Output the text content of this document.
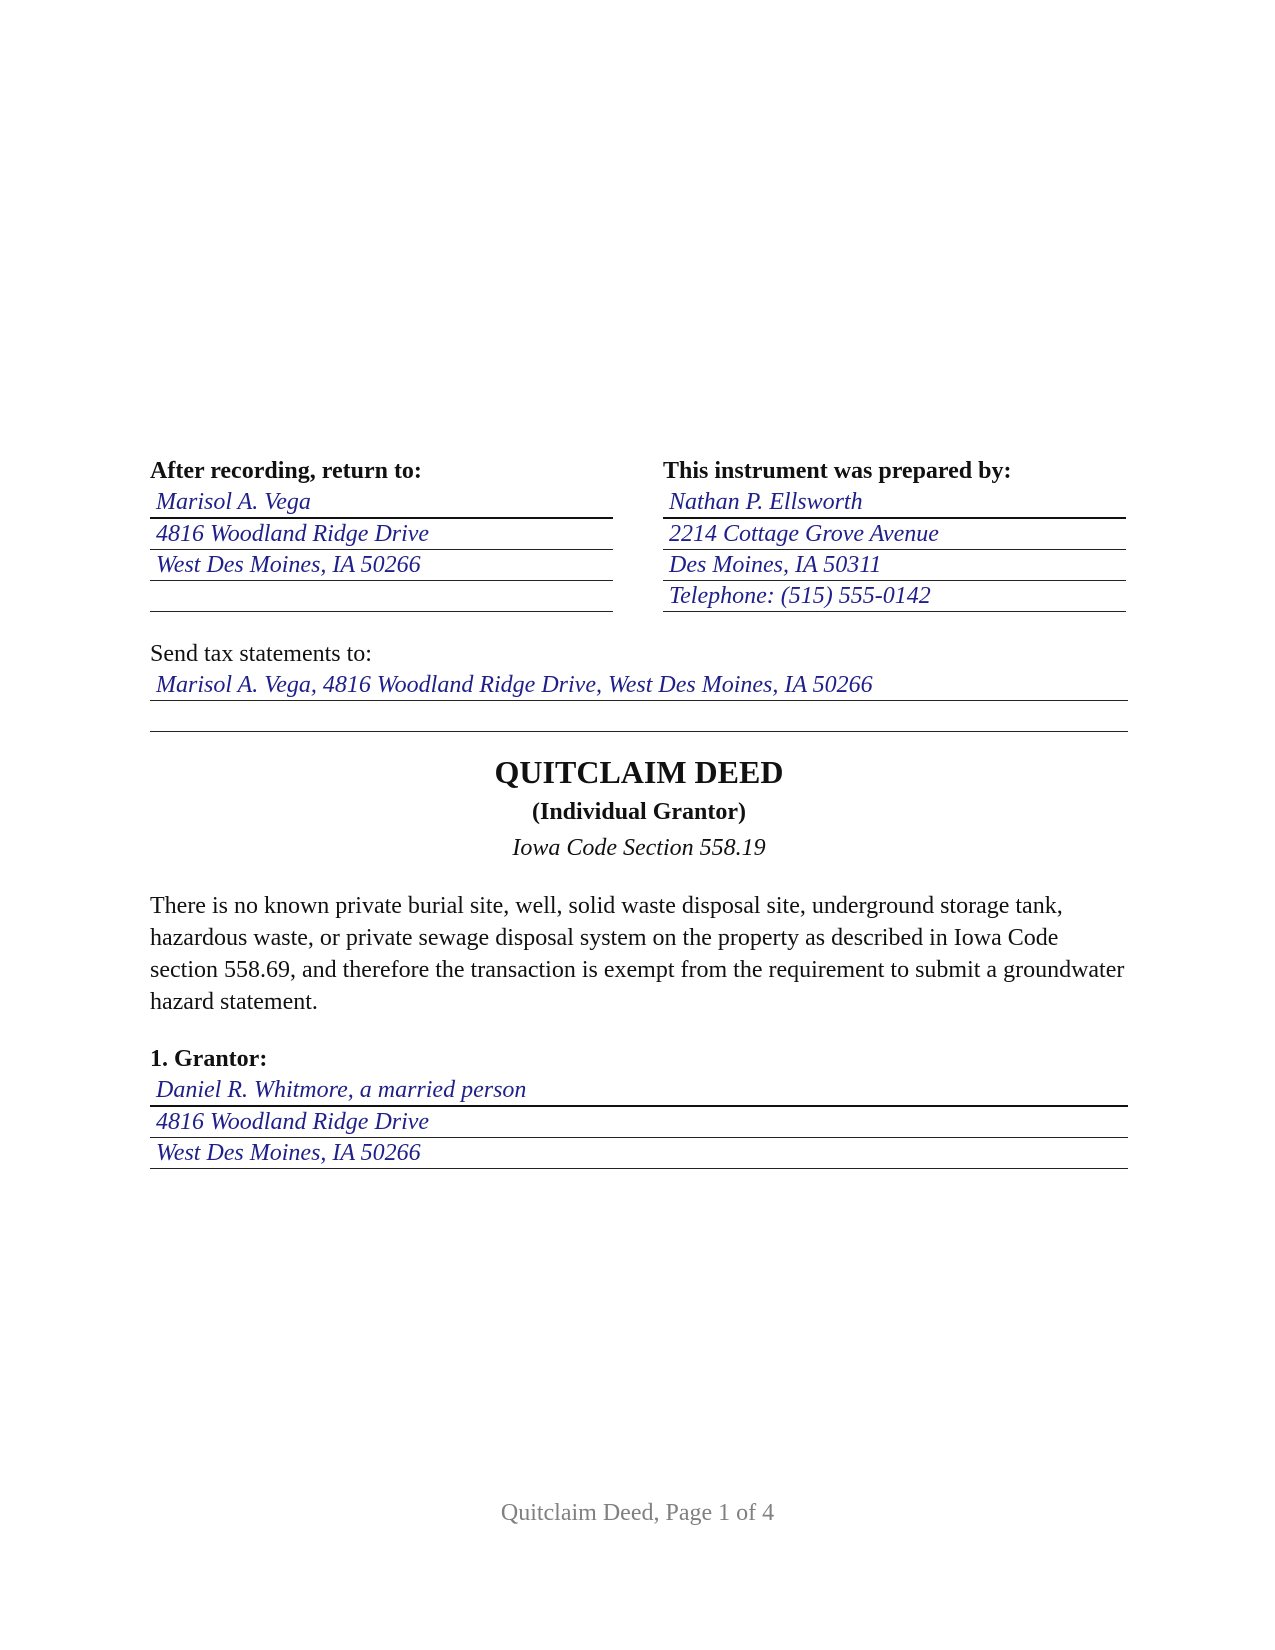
After recording, return to:
Marisol A. Vega
4816 Woodland Ridge Drive
West Des Moines, IA 50266
This instrument was prepared by:
Nathan P. Ellsworth
2214 Cottage Grove Avenue
Des Moines, IA 50311
Telephone: (515) 555-0142
Send tax statements to:
Marisol A. Vega, 4816 Woodland Ridge Drive, West Des Moines, IA 50266
QUITCLAIM DEED
(Individual Grantor)
Iowa Code Section 558.19

There is no known private burial site, well, solid waste disposal site, underground storage tank, hazardous waste, or private sewage disposal system on the property as described in Iowa Code section 558.69, and therefore the transaction is exempt from the requirement to submit a groundwater hazard statement.

1. Grantor:
Daniel R. Whitmore, a married person
4816 Woodland Ridge Drive
West Des Moines, IA 50266
Quitclaim Deed, Page 1 of 4
